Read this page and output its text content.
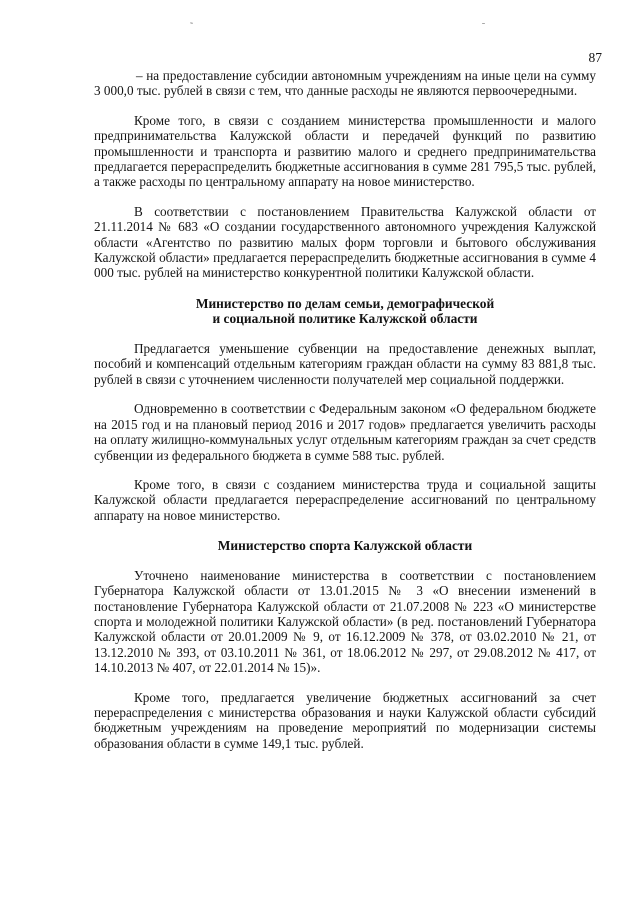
˜	ˉ
87

– на предоставление субсидии автономным учреждениям на иные цели на сумму 3 000,0 тыс. рублей в связи с тем, что данные расходы не являются первоочередными.

Кроме того, в связи с созданием министерства промышленности и малого предпринимательства Калужской области и передачей функций по развитию промышленности и транспорта и развитию малого и среднего предпринимательства предлагается перераспределить бюджетные ассигнования в сумме 281 795,5 тыс. рублей, а также расходы по центральному аппарату на новое министерство.

В соответствии с постановлением Правительства Калужской области от 21.11.2014 № 683 «О создании государственного автономного учреждения Калужской области «Агентство по развитию малых форм торговли и бытового обслуживания Калужской области» предлагается перераспределить бюджетные ассигнования в сумме 4 000 тыс. рублей на министерство конкурентной политики Калужской области.

Министерство по делам семьи, демографической
и социальной политике Калужской области

Предлагается уменьшение субвенции на предоставление денежных выплат, пособий и компенсаций отдельным категориям граждан области на сумму 83 881,8 тыс. рублей в связи с уточнением численности получателей мер социальной поддержки.

Одновременно в соответствии с Федеральным законом «О федеральном бюджете на 2015 год и на плановый период 2016 и 2017 годов» предлагается увеличить расходы на оплату жилищно-коммунальных услуг отдельным категориям граждан за счет средств субвенции из федерального бюджета в сумме 588 тыс. рублей.

Кроме того, в связи с созданием министерства труда и социальной защиты Калужской области предлагается перераспределение ассигнований по центральному аппарату на новое министерство.

Министерство спорта Калужской области

Уточнено наименование министерства в соответствии с постановлением Губернатора Калужской области от 13.01.2015 № 3 «О внесении изменений в постановление Губернатора Калужской области от 21.07.2008 № 223 «О министерстве спорта и молодежной политики Калужской области» (в ред. постановлений Губернатора Калужской области от 20.01.2009 № 9, от 16.12.2009 № 378, от 03.02.2010 № 21, от 13.12.2010 № 393, от 03.10.2011 № 361, от 18.06.2012 № 297, от 29.08.2012 № 417, от 14.10.2013 № 407, от 22.01.2014 № 15)».

Кроме того, предлагается увеличение бюджетных ассигнований за счет перераспределения с министерства образования и науки Калужской области субсидий бюджетным учреждениям на проведение мероприятий по модернизации системы образования области в сумме 149,1 тыс. рублей.
